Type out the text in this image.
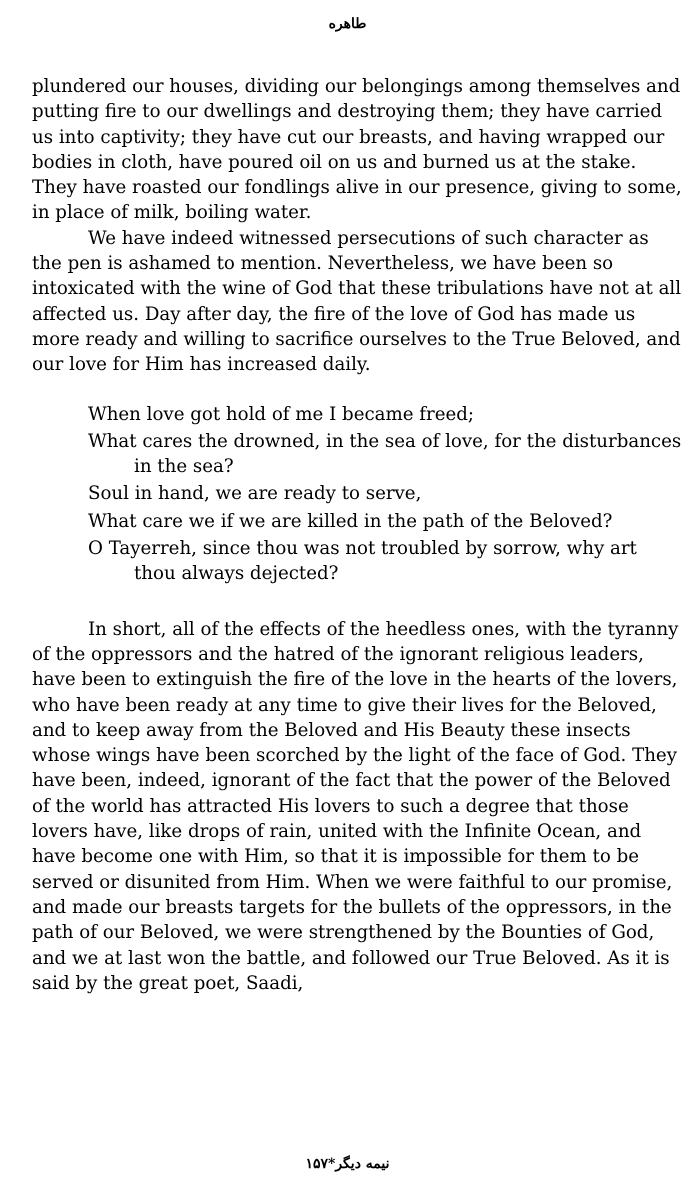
طاهره

plundered our houses, dividing our belongings among themselves and putting fire to our dwellings and destroying them; they have carried us into captivity; they have cut our breasts, and having wrapped our bodies in cloth, have poured oil on us and burned us at the stake. They have roasted our fondlings alive in our presence, giving to some, in place of milk, boiling water.

We have indeed witnessed persecutions of such character as the pen is ashamed to mention. Nevertheless, we have been so intoxicated with the wine of God that these tribulations have not at all affected us. Day after day, the fire of the love of God has made us more ready and willing to sacrifice ourselves to the True Beloved, and our love for Him has increased daily.

When love got hold of me I became freed;

What cares the drowned, in the sea of love, for the disturbances in the sea?

Soul in hand, we are ready to serve,

What care we if we are killed in the path of the Beloved?

O Tayerreh, since thou was not troubled by sorrow, why art thou always dejected?

In short, all of the effects of the heedless ones, with the tyranny of the oppressors and the hatred of the ignorant religious leaders, have been to extinguish the fire of the love in the hearts of the lovers, who have been ready at any time to give their lives for the Beloved, and to keep away from the Beloved and His Beauty these insects whose wings have been scorched by the light of the face of God. They have been, indeed, ignorant of the fact that the power of the Beloved of the world has attracted His lovers to such a degree that those lovers have, like drops of rain, united with the Infinite Ocean, and have become one with Him, so that it is impossible for them to be served or disunited from Him. When we were faithful to our promise, and made our breasts targets for the bullets of the oppressors, in the path of our Beloved, we were strengthened by the Bounties of God, and we at last won the battle, and followed our True Beloved. As it is said by the great poet, Saadi,

نیمه دیگر*۱۵۷
